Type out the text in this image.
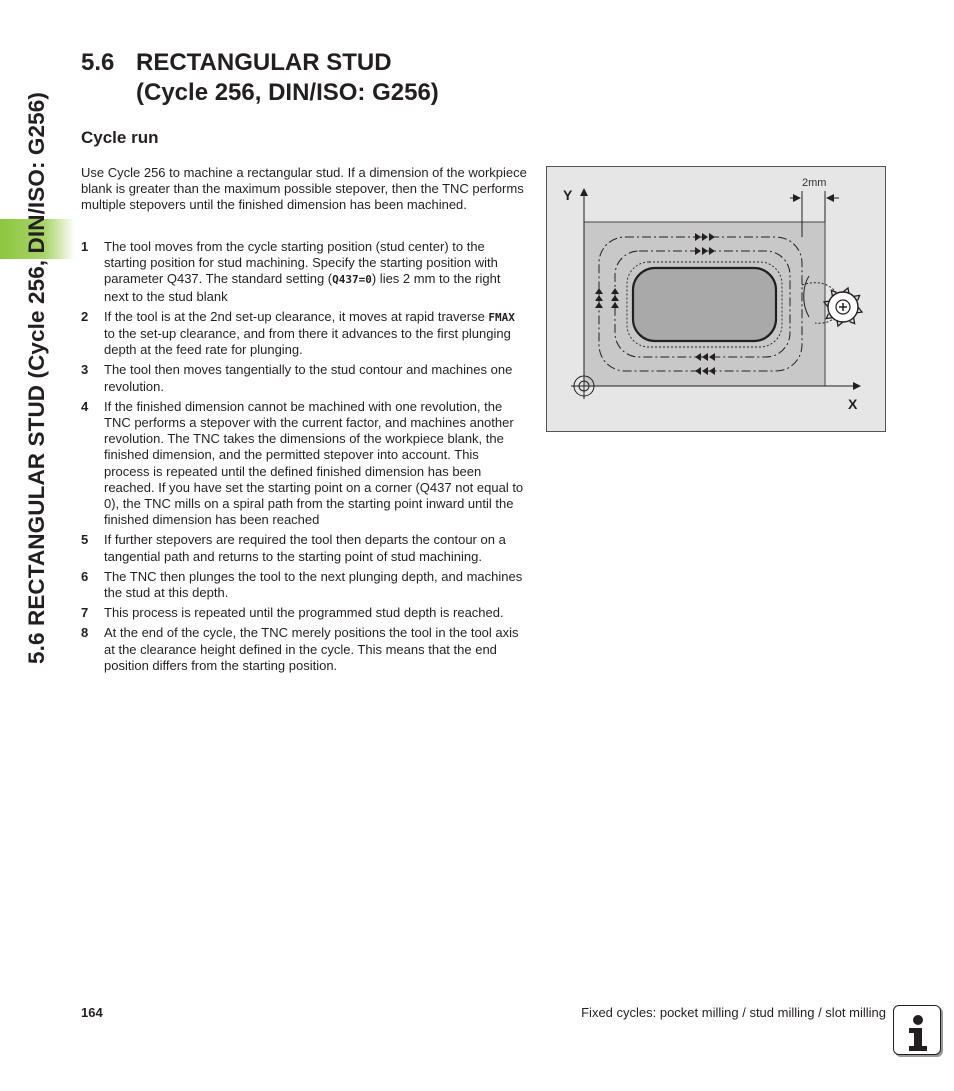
5.6 RECTANGULAR STUD (Cycle 256, DIN/ISO: G256)
5.6 RECTANGULAR STUD
(Cycle 256, DIN/ISO: G256)
Cycle run

Use Cycle 256 to machine a rectangular stud. If a dimension of the workpiece blank is greater than the maximum possible stepover, then the TNC performs multiple stepovers until the finished dimension has been machined.

1	The tool moves from the cycle starting position (stud center) to the starting position for stud machining. Specify the starting position with parameter Q437. The standard setting (Q437=0) lies 2 mm to the right next to the stud blank
2	If the tool is at the 2nd set-up clearance, it moves at rapid traverse FMAX to the set-up clearance, and from there it advances to the first plunging depth at the feed rate for plunging.
3	The tool then moves tangentially to the stud contour and machines one revolution.
4	If the finished dimension cannot be machined with one revolution, the TNC performs a stepover with the current factor, and machines another revolution. The TNC takes the dimensions of the workpiece blank, the finished dimension, and the permitted stepover into account. This process is repeated until the defined finished dimension has been reached. If you have set the starting point on a corner (Q437 not equal to 0), the TNC mills on a spiral path from the starting point inward until the finished dimension has been reached
5	If further stepovers are required the tool then departs the contour on a tangential path and returns to the starting point of stud machining.
6	The TNC then plunges the tool to the next plunging depth, and machines the stud at this depth.
7	This process is repeated until the programmed stud depth is reached.
8	At the end of the cycle, the TNC merely positions the tool in the tool axis at the clearance height defined in the cycle. This means that the end position differs from the starting position.
Y
X
2mm
164	Fixed cycles: pocket milling / stud milling / slot milling
